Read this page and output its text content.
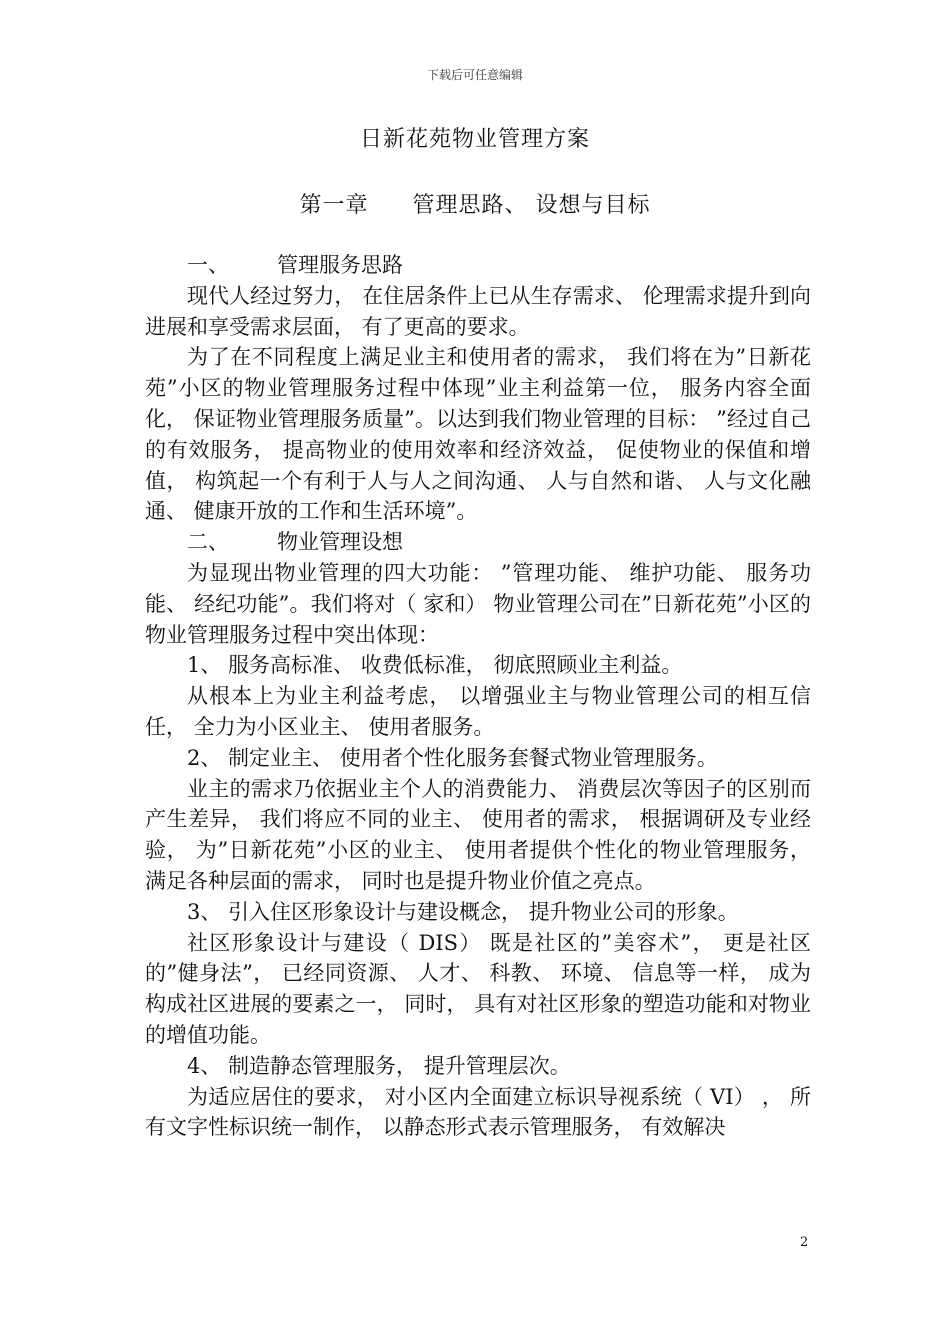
下载后可任意编辑
日新花苑物业管理方案
第一章 管理思路、 设想与目标

一、 管理服务思路

现代人经过努力， 在住居条件上已从生存需求、 伦理需求提升到向进展和享受需求层面， 有了更高的要求。

为了在不同程度上满足业主和使用者的需求， 我们将在为”日新花苑”小区的物业管理服务过程中体现”业主利益第一位， 服务内容全面化， 保证物业管理服务质量”。以达到我们物业管理的目标： ”经过自己的有效服务， 提高物业的使用效率和经济效益， 促使物业的保值和增值， 构筑起一个有利于人与人之间沟通、 人与自然和谐、 人与文化融通、 健康开放的工作和生活环境”。

二、 物业管理设想

为显现出物业管理的四大功能： ”管理功能、 维护功能、 服务功能、 经纪功能”。我们将对（ 家和） 物业管理公司在”日新花苑”小区的物业管理服务过程中突出体现：

1、 服务高标准、 收费低标准， 彻底照顾业主利益。

从根本上为业主利益考虑， 以增强业主与物业管理公司的相互信任， 全力为小区业主、 使用者服务。

2、 制定业主、 使用者个性化服务套餐式物业管理服务。

业主的需求乃依据业主个人的消费能力、 消费层次等因子的区别而产生差异， 我们将应不同的业主、 使用者的需求， 根据调研及专业经验， 为”日新花苑”小区的业主、 使用者提供个性化的物业管理服务， 满足各种层面的需求， 同时也是提升物业价值之亮点。

3、 引入住区形象设计与建设概念， 提升物业公司的形象。

社区形象设计与建设（ DIS） 既是社区的”美容术”， 更是社区的”健身法”， 已经同资源、 人才、 科教、 环境、 信息等一样， 成为构成社区进展的要素之一， 同时， 具有对社区形象的塑造功能和对物业的增值功能。

4、 制造静态管理服务， 提升管理层次。

为适应居住的要求， 对小区内全面建立标识导视系统（ VI） ， 所有文字性标识统一制作， 以静态形式表示管理服务， 有效解决

2
